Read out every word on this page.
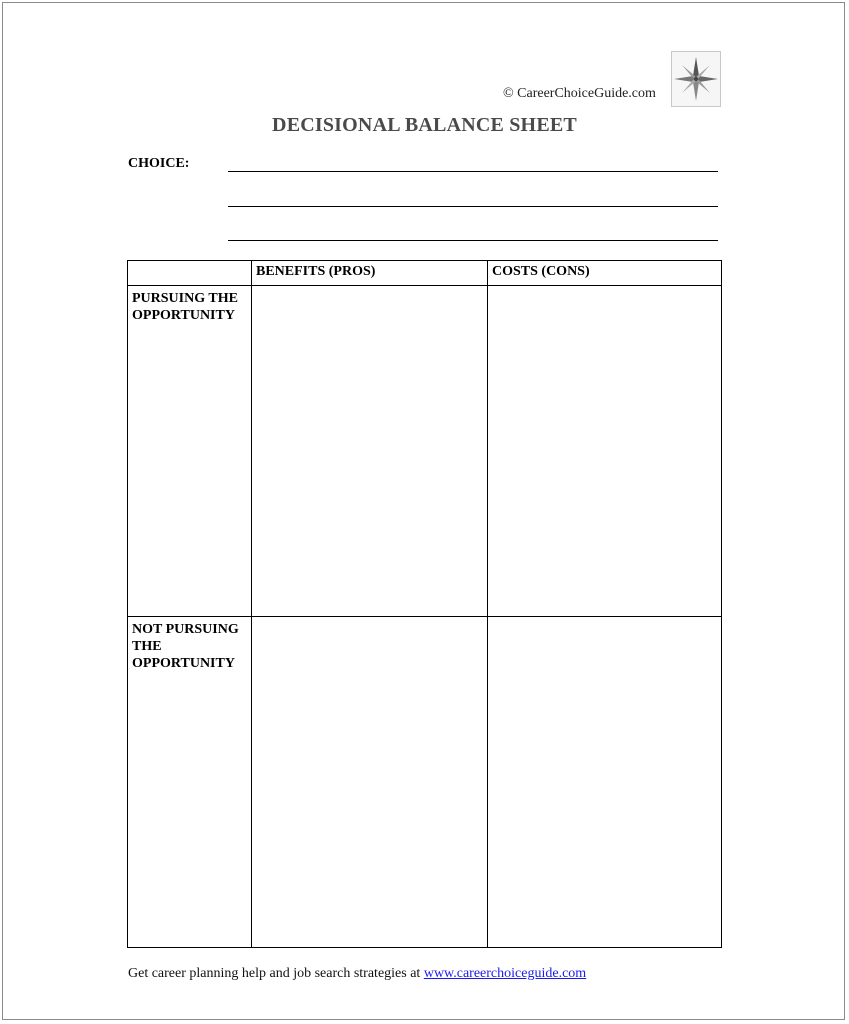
© CareerChoiceGuide.com
DECISIONAL BALANCE SHEET
CHOICE:
	BENEFITS (PROS)	COSTS (CONS)
PURSUING THE OPPORTUNITY		
NOT PURSUING THE OPPORTUNITY		
Get career planning help and job search strategies at www.careerchoiceguide.com
